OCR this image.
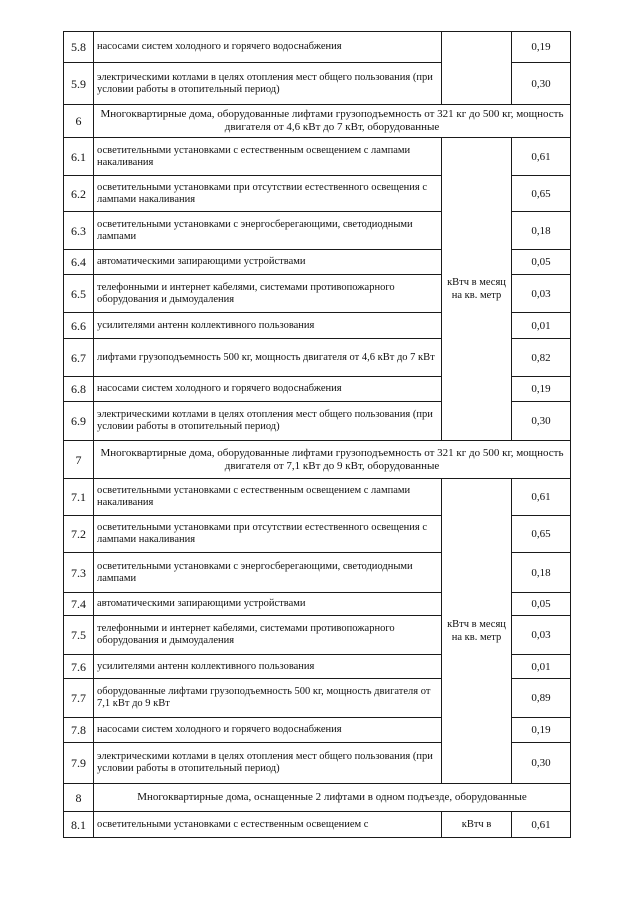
5.8	насосами систем холодного и горячего водоснабжения		0,19
5.9	электрическими котлами в целях отопления мест общего пользования (при условии работы в отопительный период)		0,30
6	Многоквартирные дома, оборудованные лифтами грузоподъемность от 321 кг до 500 кг, мощность двигателя от 4,6 кВт до 7 кВт, оборудованные		
6.1	осветительными установками с естественным освещением с лампами накаливания	кВтч в месяц на кв. метр	0,61
6.2	осветительными установками при отсутствии естественного освещения с лампами накаливания		0,65
6.3	осветительными установками с энергосберегающими, светодиодными лампами		0,18
6.4	автоматическими запирающими устройствами		0,05
6.5	телефонными и интернет кабелями, системами противопожарного оборудования и дымоудаления		0,03
6.6	усилителями антенн коллективного пользования		0,01
6.7	лифтами грузоподъемность 500 кг, мощность двигателя от 4,6 кВт до 7 кВт		0,82
6.8	насосами систем холодного и горячего водоснабжения		0,19
6.9	электрическими котлами в целях отопления мест общего пользования (при условии работы в отопительный период)		0,30
7	Многоквартирные дома, оборудованные лифтами грузоподъемность от 321 кг до 500 кг, мощность двигателя от 7,1 кВт до 9 кВт, оборудованные		
7.1	осветительными установками с естественным освещением с лампами накаливания	кВтч в месяц на кв. метр	0,61
7.2	осветительными установками при отсутствии естественного освещения с лампами накаливания		0,65
7.3	осветительными установками с энергосберегающими, светодиодными лампами		0,18
7.4	автоматическими запирающими устройствами		0,05
7.5	телефонными и интернет кабелями, системами противопожарного оборудования и дымоудаления		0,03
7.6	усилителями антенн коллективного пользования		0,01
7.7	оборудованные лифтами грузоподъемность 500 кг, мощность двигателя от 7,1 кВт до 9 кВт		0,89
7.8	насосами систем холодного и горячего водоснабжения		0,19
7.9	электрическими котлами в целях отопления мест общего пользования (при условии работы в отопительный период)		0,30
8	Многоквартирные дома, оснащенные 2 лифтами в одном подъезде, оборудованные		
8.1	осветительными установками с естественным освещением с	кВтч в	0,61
